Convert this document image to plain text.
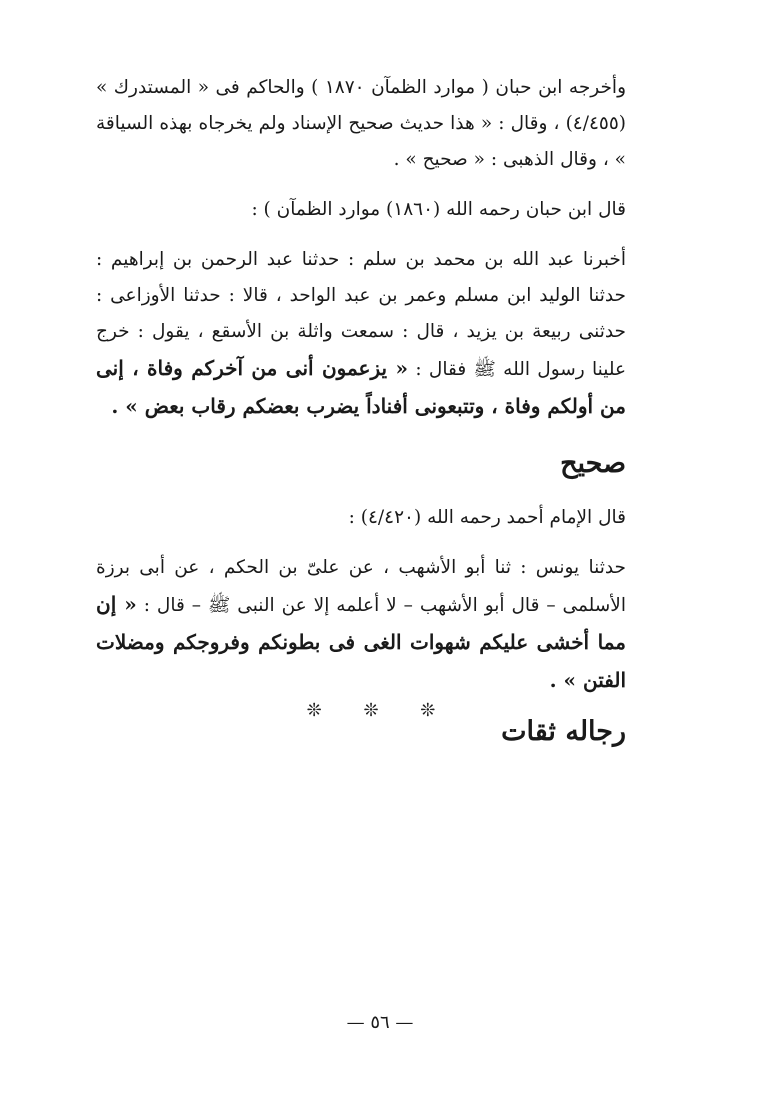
وأخرجه ابن حبان ( موارد الظمآن ١٨٧٠ ) والحاكم فى « المستدرك » (٤/٤٥٥) ، وقال : « هذا حديث صحيح الإسناد ولم يخرجاه بهذه السياقة » ، وقال الذهبى : « صحيح » .

قال ابن حبان رحمه الله (١٨٦٠) موارد الظمآن ) :

أخبرنا عبد الله بن محمد بن سلم : حدثنا عبد الرحمن بن إبراهيم : حدثنا الوليد ابن مسلم وعمر بن عبد الواحد ، قالا : حدثنا الأوزاعى : حدثنى ربيعة بن يزيد ، قال : سمعت واثلة بن الأسقع ، يقول : خرج علينا رسول الله ﷺ فقال : « يزعمون أنى من آخركم وفاة ، إنى من أولكم وفاة ، وتتبعونى أفناداً يضرب بعضكم رقاب بعض » .

صحيح

قال الإمام أحمد رحمه الله (٤/٤٢٠) :

حدثنا يونس : ثنا أبو الأشهب ، عن علىّ بن الحكم ، عن أبى برزة الأسلمى – قال أبو الأشهب – لا أعلمه إلا عن النبى ﷺ – قال : « إن مما أخشى عليكم شهوات الغى فى بطونكم وفروجكم ومضلات الفتن » .

رجاله ثقات
❊ ❊ ❊
— ٥٦ —
